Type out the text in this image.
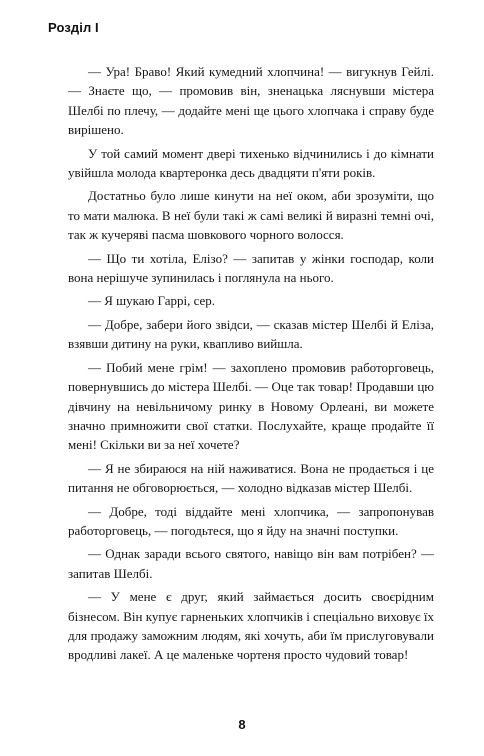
Розділ I

— Ура! Браво! Який кумедний хлопчина! — вигукнув Гейлі. — Знаєте що, — промовив він, зненацька ляснувши містера Шелбі по плечу, — додайте мені ще цього хлопчака і справу буде вирішено.

У той самий момент двері тихенько відчинились і до кімнати увійшла молода квартеронка десь двадцяти п'яти років.

Достатньо було лише кинути на неї оком, аби зрозуміти, що то мати малюка. В неї були такі ж самі великі й виразні темні очі, так ж кучеряві пасма шовкового чорного волосся.

— Що ти хотіла, Елізо? — запитав у жінки господар, коли вона нерішуче зупинилась і поглянула на нього.

— Я шукаю Гаррі, сер.

— Добре, забери його звідси, — сказав містер Шелбі й Еліза, взявши дитину на руки, квапливо вийшла.

— Побий мене грім! — захоплено промовив работорговець, повернувшись до містера Шелбі. — Оце так товар! Продавши цю дівчину на невільничому ринку в Новому Орлеані, ви можете значно примножити свої статки. Послухайте, краще продайте її мені! Скільки ви за неї хочете?

— Я не збираюся на ній наживатися. Вона не продається і це питання не обговорюється, — холодно відказав містер Шелбі.

— Добре, тоді віддайте мені хлопчика, — запропонував работорговець, — погодьтеся, що я йду на значні поступки.

— Однак заради всього святого, навіщо він вам потрібен? — запитав Шелбі.

— У мене є друг, який займається досить своєрідним бізнесом. Він купує гарненьких хлопчиків і спеціально виховує їх для продажу заможним людям, які хочуть, аби їм прислуговували вродливі лакеї. А це маленьке чортеня просто чудовий товар!

8
